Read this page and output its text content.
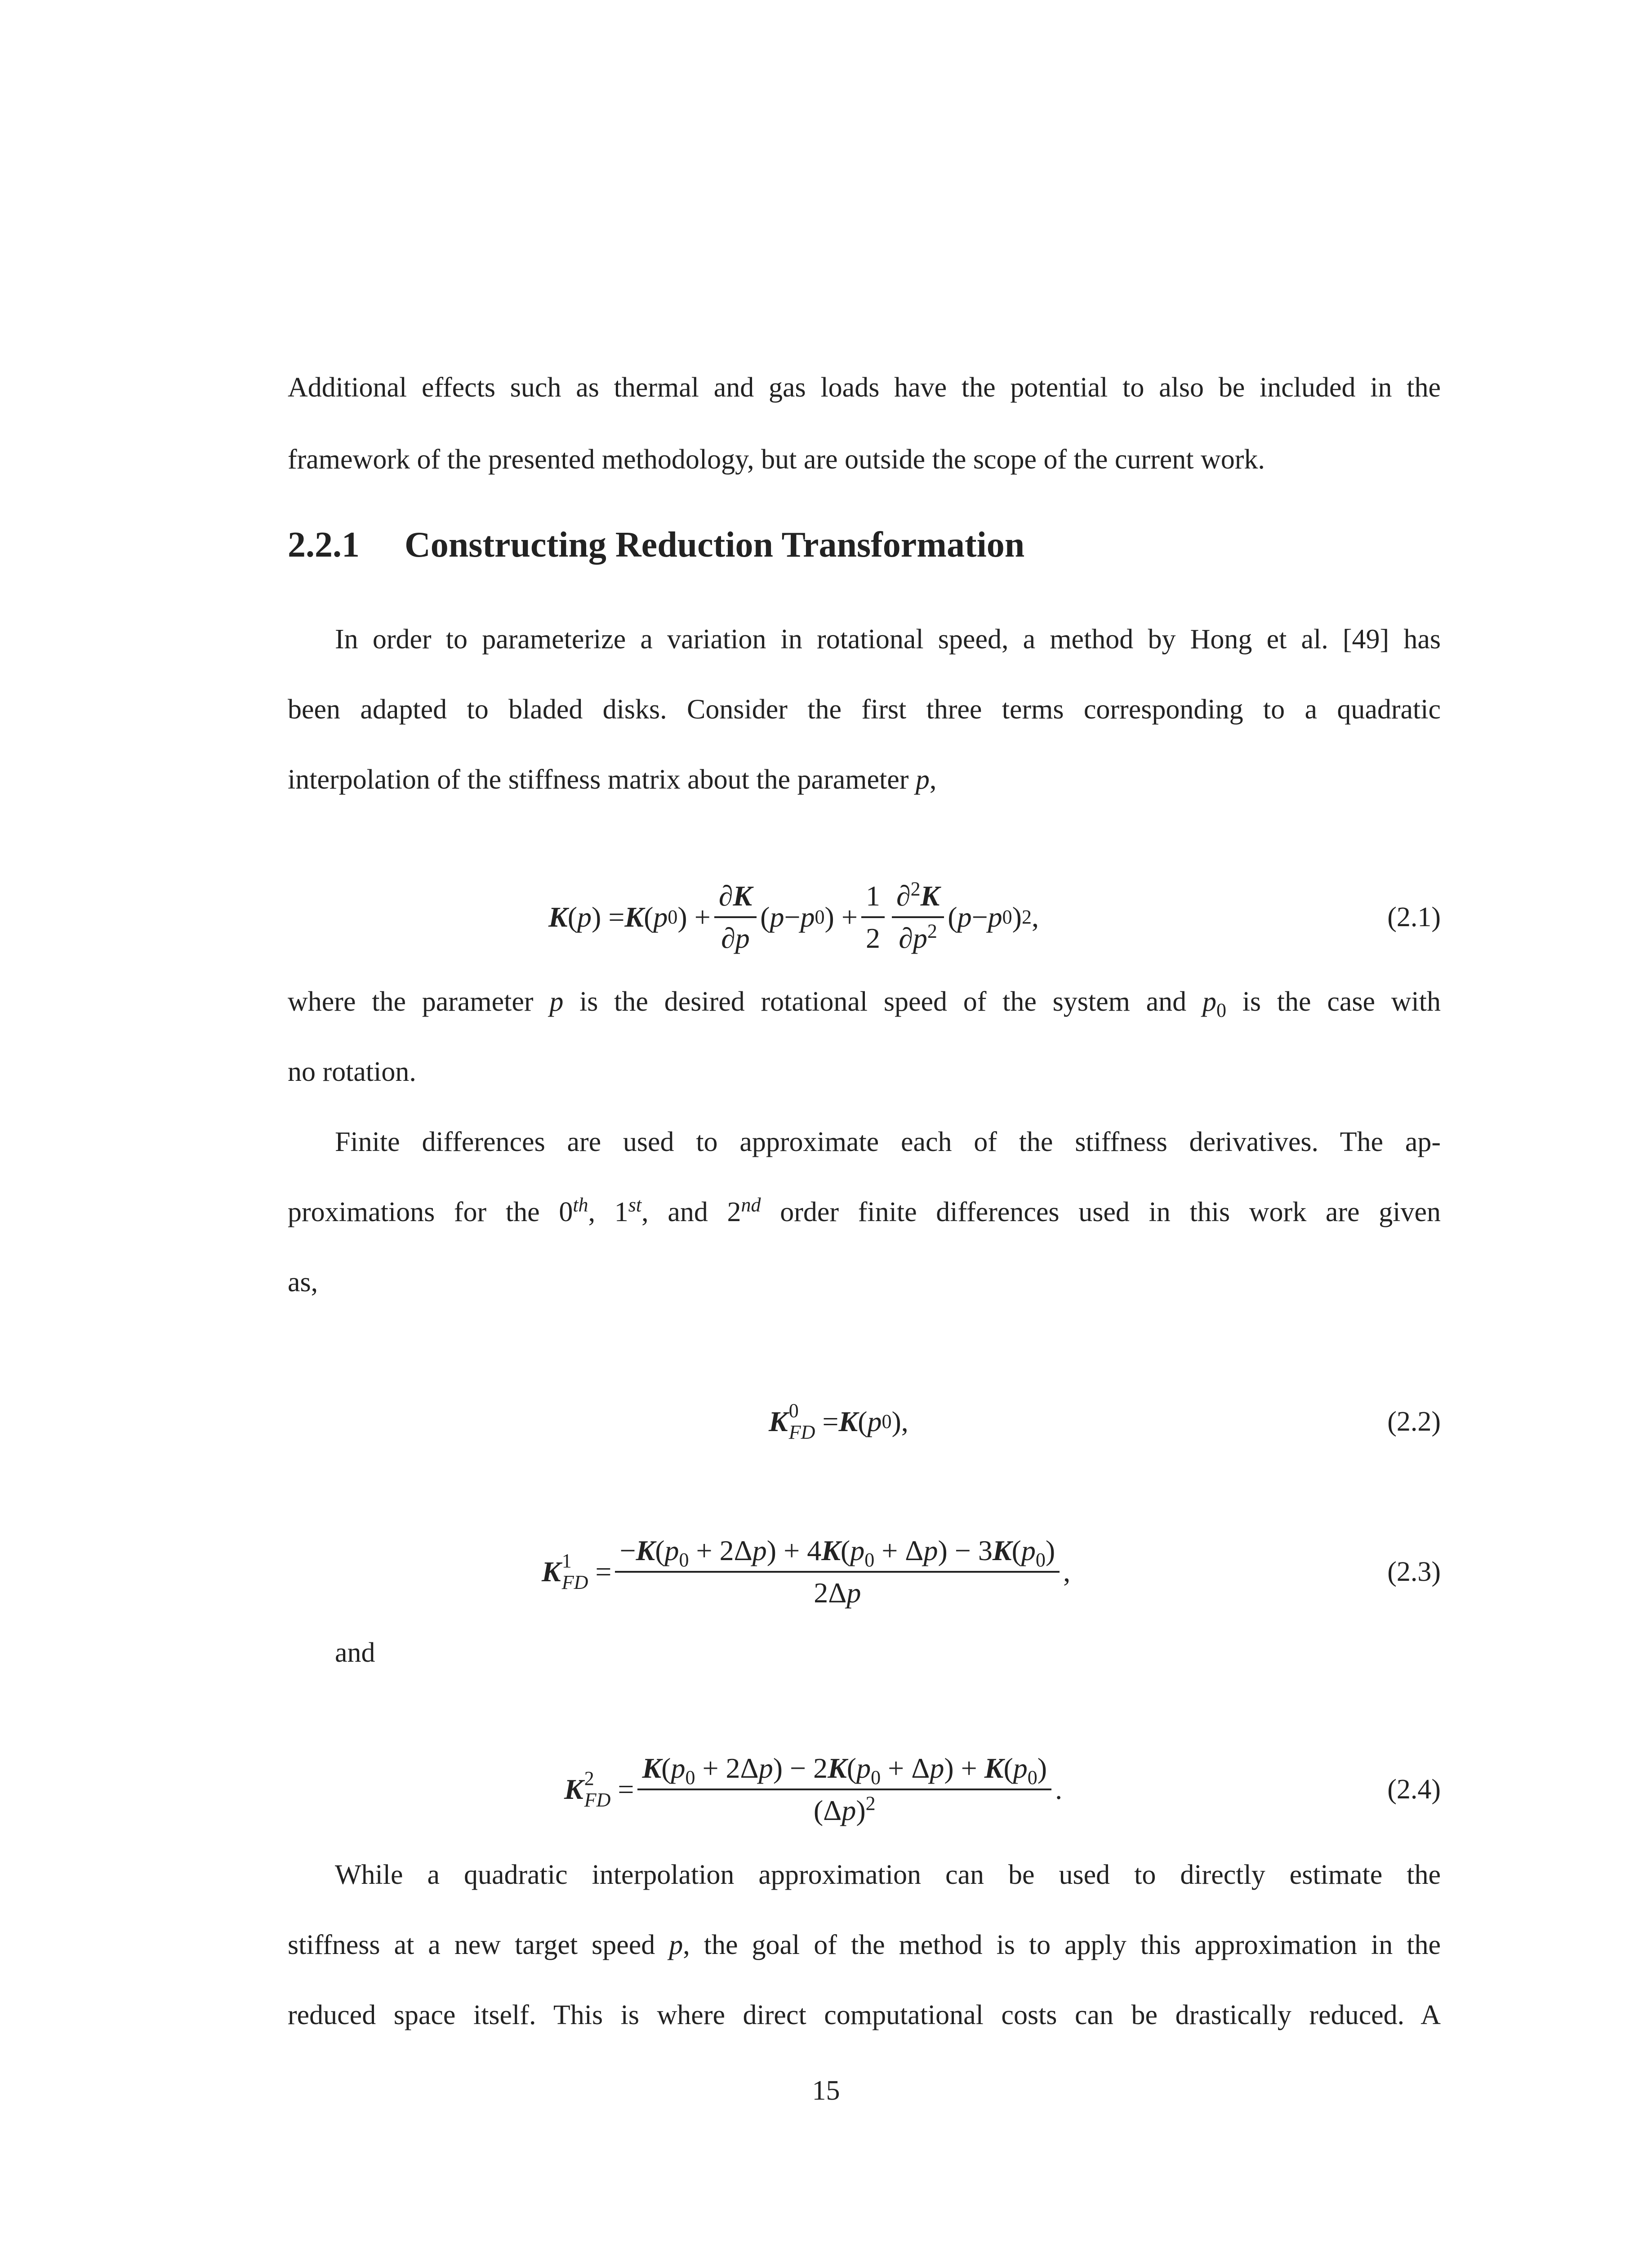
Additional effects such as thermal and gas loads have the potential to also be included in the
framework of the presented methodology, but are outside the scope of the current work.
2.2.1 Constructing Reduction Transformation
In order to parameterize a variation in rotational speed, a method by Hong et al. [49] has
been adapted to bladed disks. Consider the first three terms corresponding to a quadratic
interpolation of the stiffness matrix about the parameter p,
K ( p ) = K ( p 0 ) + $\frac{\partial K}{\partial p}$ ( p − p 0 ) + $\frac{1}{2} \frac{\partial^2K}{\partial p^2}$ ( p − p 0 ) 2 ,	(2.1)
where the parameter p is the desired rotational speed of the system and $p_0$ is the case with
no rotation.
Finite differences are used to approximate each of the stiffness derivatives. The ap-
proximations for the 0th, 1st, and 2nd order finite differences used in this work are given
as,
K 0
FD = K ( p 0 ),	(2.2)
K 1
FD = $\frac{-K(p_0 + 2\Delta p) + 4K(p_0 + \Delta p) - 3K(p_0)}{2\Delta p}$ ,	(2.3)
and
K 2
FD = $\frac{K(p_0 + 2\Delta p) - 2K(p_0 + \Delta p) + K(p_0)}{(\Delta p)^2}$ .	(2.4)
While a quadratic interpolation approximation can be used to directly estimate the
stiffness at a new target speed p, the goal of the method is to apply this approximation in the
reduced space itself. This is where direct computational costs can be drastically reduced. A
15
